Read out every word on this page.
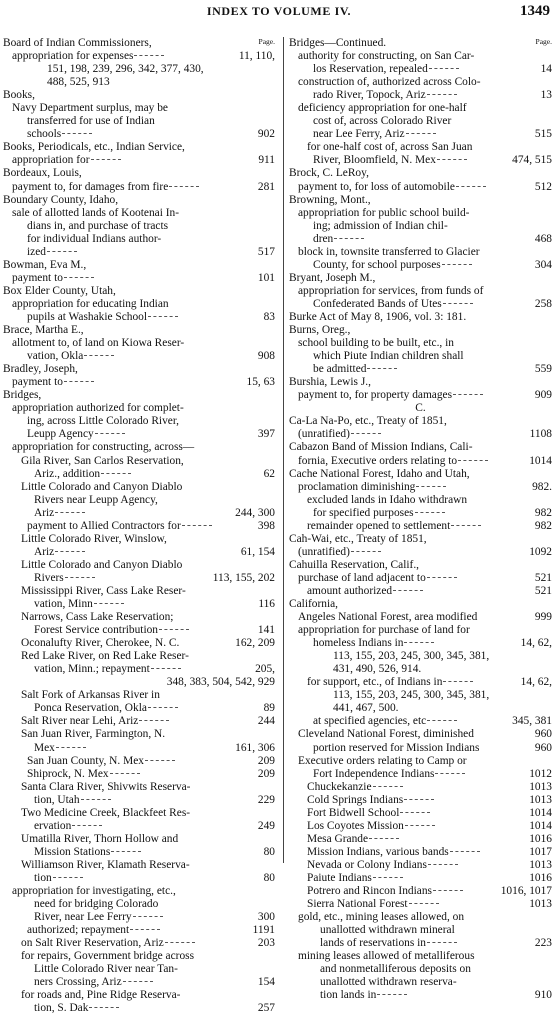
INDEX TO VOLUME IV.	1349
Page.
Board of Indian Commissioners,
appropriation for expenses	11, 110,
151, 198, 239, 296, 342, 377, 430,
488, 525, 913
Books,
Navy Department surplus, may be
transferred for use of Indian
schools	902
Books, Periodicals, etc., Indian Service,
appropriation for	911
Bordeaux, Louis,
payment to, for damages from fire	281
Boundary County, Idaho,
sale of allotted lands of Kootenai In-
dians in, and purchase of tracts
for individual Indians author-
ized	517
Bowman, Eva M.,
payment to	101
Box Elder County, Utah,
appropriation for educating Indian
pupils at Washakie School	83
Brace, Martha E.,
allotment to, of land on Kiowa Reser-
vation, Okla	908
Bradley, Joseph,
payment to	15, 63
Bridges,
appropriation authorized for complet-
ing, across Little Colorado River,
Leupp Agency	397
appropriation for constructing, across—
Gila River, San Carlos Reservation,
Ariz., addition	62
Little Colorado and Canyon Diablo
Rivers near Leupp Agency,
Ariz	244, 300
payment to Allied Contractors for	398
Little Colorado River, Winslow,
Ariz	61, 154
Little Colorado and Canyon Diablo
Rivers	113, 155, 202
Mississippi River, Cass Lake Reser-
vation, Minn	116
Narrows, Cass Lake Reservation;
Forest Service contribution	141
Oconalufty River, Cherokee, N. C.	162, 209
Red Lake River, on Red Lake Reser-
vation, Minn.; repayment	205,
348, 383, 504, 542, 929
Salt Fork of Arkansas River in
Ponca Reservation, Okla	89
Salt River near Lehi, Ariz	244
San Juan River, Farmington, N.
Mex	161, 306
San Juan County, N. Mex	209
Shiprock, N. Mex	209
Santa Clara River, Shivwits Reserva-
tion, Utah	229
Two Medicine Creek, Blackfeet Res-
ervation	249
Umatilla River, Thorn Hollow and
Mission Stations	80
Williamson River, Klamath Reserva-
tion	80
appropriation for investigating, etc.,
need for bridging Colorado
River, near Lee Ferry	300
authorized; repayment	1191
on Salt River Reservation, Ariz	203
for repairs, Government bridge across
Little Colorado River near Tan-
ners Crossing, Ariz	154
for roads and, Pine Ridge Reserva-
tion, S. Dak	257
Page.
Bridges—Continued.
authority for constructing, on San Car-
los Reservation, repealed	14
construction of, authorized across Colo-
rado River, Topock, Ariz	13
deficiency appropriation for one-half
cost of, across Colorado River
near Lee Ferry, Ariz	515
for one-half cost of, across San Juan
River, Bloomfield, N. Mex	474, 515
Brock, C. LeRoy,
payment to, for loss of automobile	512
Browning, Mont.,
appropriation for public school build-
ing; admission of Indian chil-
dren	468
block in, townsite transferred to Glacier
County, for school purposes	304
Bryant, Joseph M.,
appropriation for services, from funds of
Confederated Bands of Utes	258
Burke Act of May 8, 1906, vol. 3: 181.
Burns, Oreg.,
school building to be built, etc., in
which Piute Indian children shall
be admitted	559
Burshia, Lewis J.,
payment to, for property damages	909
C.
Ca-La Na-Po, etc., Treaty of 1851,
(unratified)	1108
Cabazon Band of Mission Indians, Cali-
fornia, Executive orders relating to	1014
Cache National Forest, Idaho and Utah,
proclamation diminishing	982.
excluded lands in Idaho withdrawn
for specified purposes	982
remainder opened to settlement	982
Cah-Wai, etc., Treaty of 1851,
(unratified)	1092
Cahuilla Reservation, Calif.,
purchase of land adjacent to	521
amount authorized	521
California,
Angeles National Forest, area modified	999
appropriation for purchase of land for
homeless Indians in	14, 62,
113, 155, 203, 245, 300, 345, 381,
431, 490, 526, 914.
for support, etc., of Indians in	14, 62,
113, 155, 203, 245, 300, 345, 381,
441, 467, 500.
at specified agencies, etc	345, 381
Cleveland National Forest, diminished	960
portion reserved for Mission Indians	960
Executive orders relating to Camp or
Fort Independence Indians	1012
Chuckekanzie	1013
Cold Springs Indians	1013
Fort Bidwell School	1014
Los Coyotes Mission	1014
Mesa Grande	1016
Mission Indians, various bands	1017
Nevada or Colony Indians	1013
Paiute Indians	1016
Potrero and Rincon Indians	1016, 1017
Sierra National Forest	1013
gold, etc., mining leases allowed, on
unallotted withdrawn mineral
lands of reservations in	223
mining leases allowed of metalliferous
and nonmetalliferous deposits on
unallotted withdrawn reserva-
tion lands in	910
